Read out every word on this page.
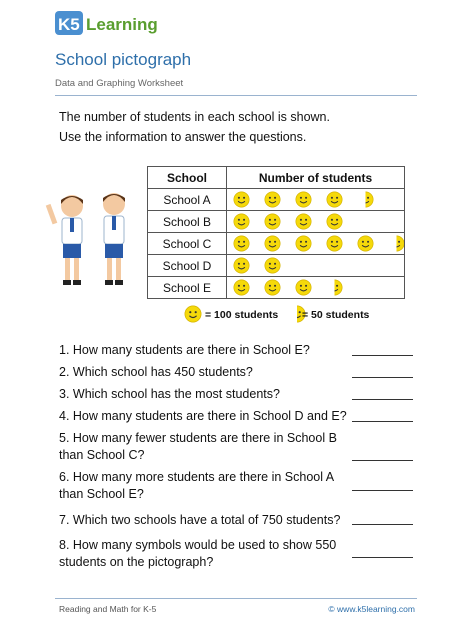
K5 Learning
School pictograph
Data and Graphing Worksheet
The number of students in each school is shown.
Use the information to answer the questions.
School	Number of students
School A	

School B	

School C	

School D	

School E	
= 100 students = 50 students
1. How many students are there in School E?
2. Which school has 450 students?
3. Which school has the most students?
4. How many students are there in School D and E?
5. How many fewer students are there in School B than School C?
6. How many more students are there in School A than School E?
7. Which two schools have a total of 750 students?
8. How many symbols would be used to show 550 students on the pictograph?
Reading and Math for K-5	© www.k5learning.com
